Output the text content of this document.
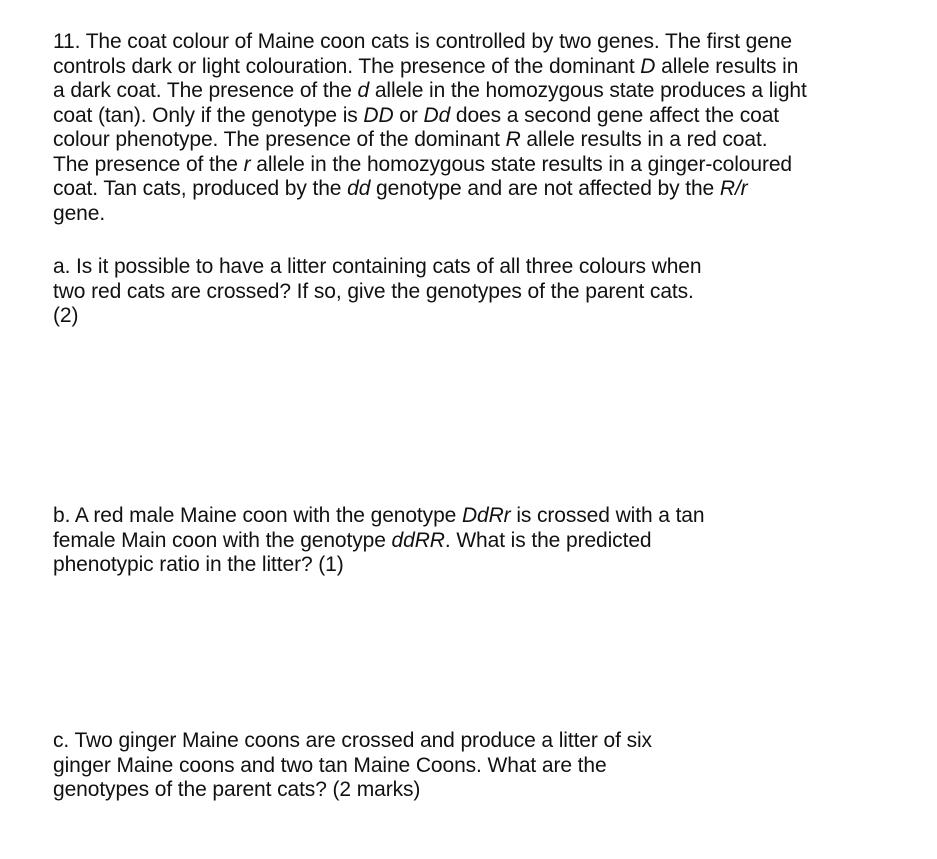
11. The coat colour of Maine coon cats is controlled by two genes. The first gene
controls dark or light colouration. The presence of the dominant D allele results in
a dark coat. The presence of the d allele in the homozygous state produces a light
coat (tan). Only if the genotype is DD or Dd does a second gene affect the coat
colour phenotype. The presence of the dominant R allele results in a red coat.
The presence of the r allele in the homozygous state results in a ginger-coloured
coat. Tan cats, produced by the dd genotype and are not affected by the R/r
gene.
a. Is it possible to have a litter containing cats of all three colours when
two red cats are crossed? If so, give the genotypes of the parent cats.
(2)
b. A red male Maine coon with the genotype DdRr is crossed with a tan
female Main coon with the genotype ddRR. What is the predicted
phenotypic ratio in the litter? (1)
c. Two ginger Maine coons are crossed and produce a litter of six
ginger Maine coons and two tan Maine Coons. What are the
genotypes of the parent cats? (2 marks)
